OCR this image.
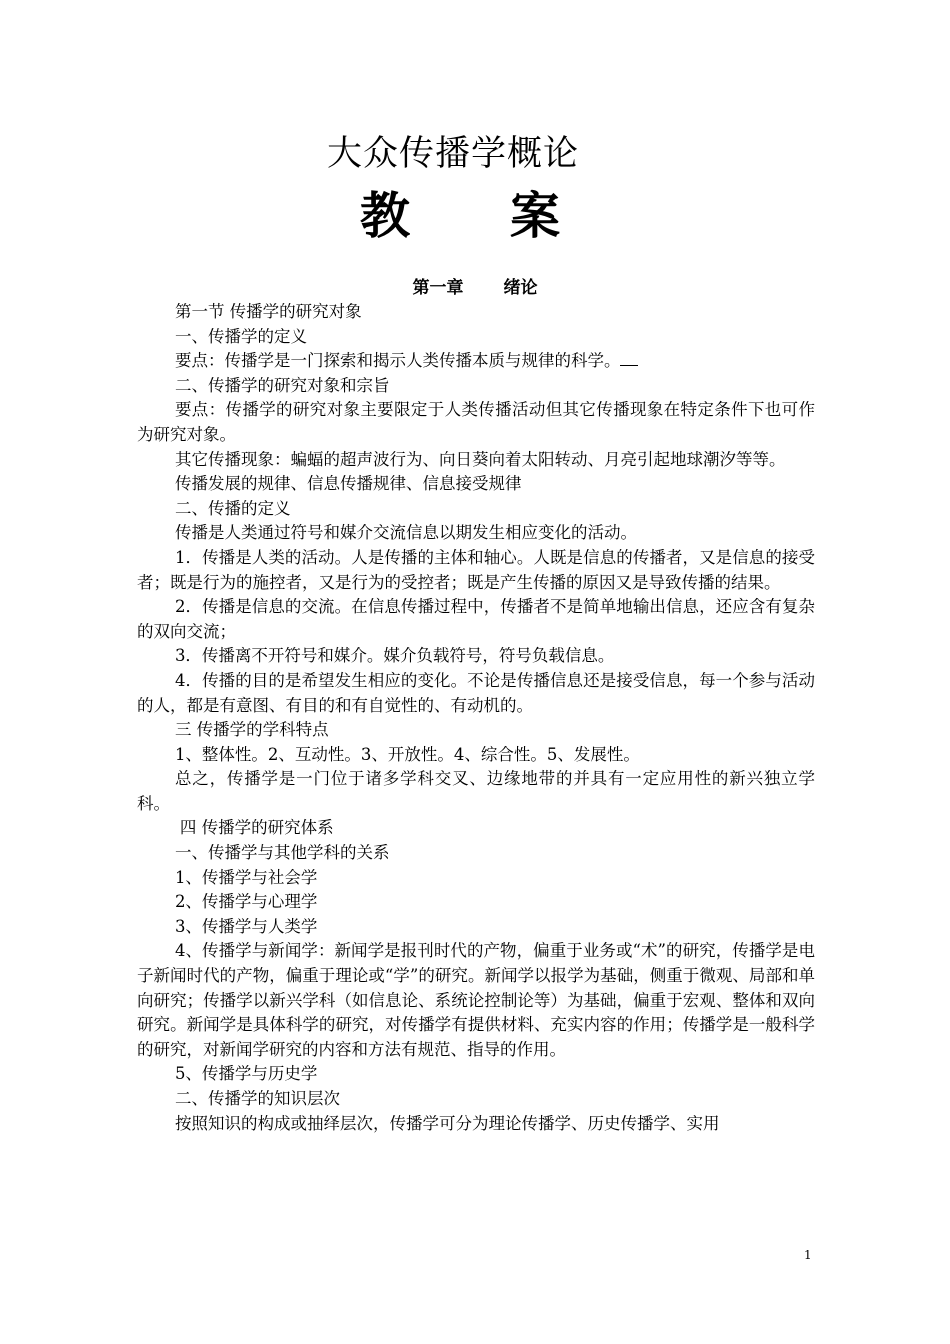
大众传播学概论
教 案
第一章 绪论

第一节 传播学的研究对象

一、传播学的定义

要点：传播学是一门探索和揭示人类传播本质与规律的科学。

二、传播学的研究对象和宗旨

要点：传播学的研究对象主要限定于人类传播活动但其它传播现象在特定条件下也可作为研究对象。

其它传播现象：蝙蝠的超声波行为、向日葵向着太阳转动、月亮引起地球潮汐等等。

传播发展的规律、信息传播规律、信息接受规律

二、传播的定义

传播是人类通过符号和媒介交流信息以期发生相应变化的活动。

1．传播是人类的活动。人是传播的主体和轴心。人既是信息的传播者，又是信息的接受者；既是行为的施控者，又是行为的受控者；既是产生传播的原因又是导致传播的结果。

2．传播是信息的交流。在信息传播过程中，传播者不是简单地输出信息，还应含有复杂的双向交流；

3．传播离不开符号和媒介。媒介负载符号，符号负载信息。

4．传播的目的是希望发生相应的变化。不论是传播信息还是接受信息，每一个参与活动的人，都是有意图、有目的和有自觉性的、有动机的。

三 传播学的学科特点

1、整体性。2、互动性。3、开放性。4、综合性。5、发展性。

总之，传播学是一门位于诸多学科交叉、边缘地带的并具有一定应用性的新兴独立学科。

四 传播学的研究体系

一、传播学与其他学科的关系

1、传播学与社会学

2、传播学与心理学

3、传播学与人类学

4、传播学与新闻学：新闻学是报刊时代的产物，偏重于业务或“术”的研究，传播学是电子新闻时代的产物，偏重于理论或“学”的研究。新闻学以报学为基础，侧重于微观、局部和单向研究；传播学以新兴学科（如信息论、系统论控制论等）为基础，偏重于宏观、整体和双向研究。新闻学是具体科学的研究，对传播学有提供材料、充实内容的作用；传播学是一般科学的研究，对新闻学研究的内容和方法有规范、指导的作用。

5、传播学与历史学

二、传播学的知识层次

按照知识的构成或抽绎层次，传播学可分为理论传播学、历史传播学、实用

1
